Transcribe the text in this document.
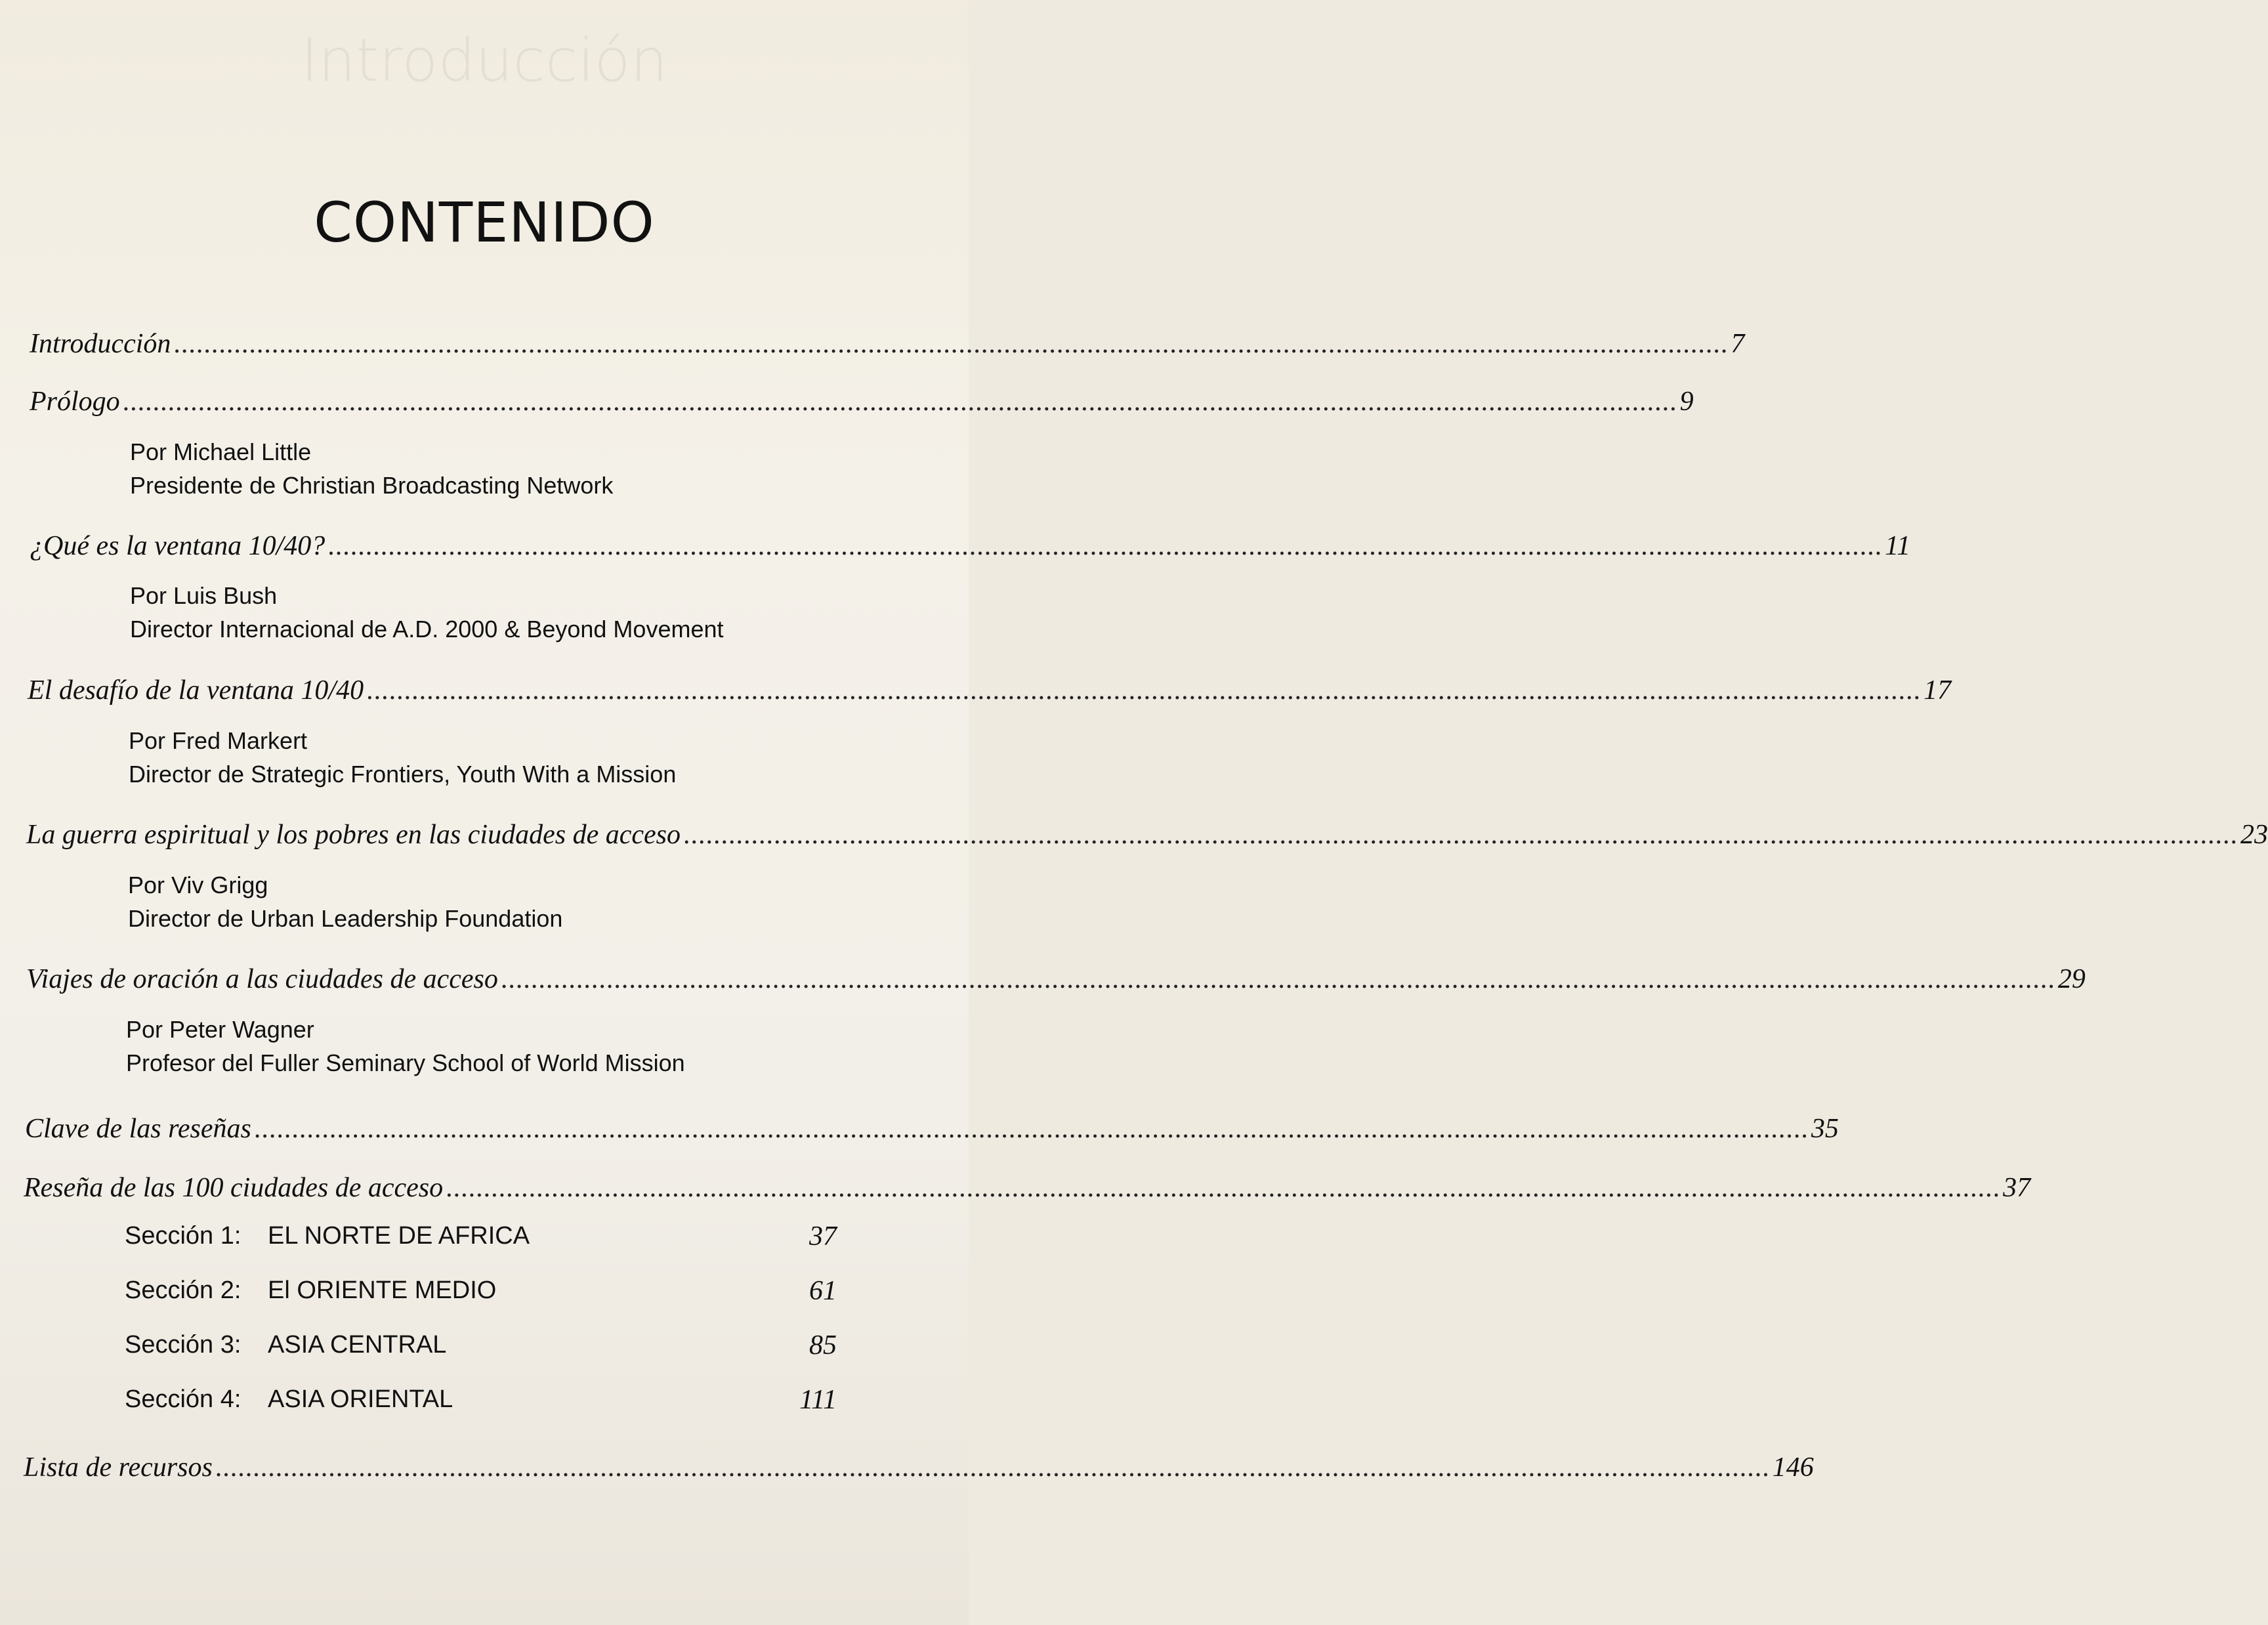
Introducción
CONTENIDO
Introducción .............................................................................................................................................................................................................. 7
Prólogo .............................................................................................................................................................................................................. 9
Por Michael Little
Presidente de Christian Broadcasting Network
¿Qué es la ventana 10/40? .............................................................................................................................................................................................................. 11
Por Luis Bush
Director Internacional de A.D. 2000 & Beyond Movement
El desafío de la ventana 10/40 .............................................................................................................................................................................................................. 17
Por Fred Markert
Director de Strategic Frontiers, Youth With a Mission
La guerra espiritual y los pobres en las ciudades de acceso .............................................................................................................................................................................................................. 23
Por Viv Grigg
Director de Urban Leadership Foundation
Viajes de oración a las ciudades de acceso .............................................................................................................................................................................................................. 29
Por Peter Wagner
Profesor del Fuller Seminary School of World Mission
Clave de las reseñas .............................................................................................................................................................................................................. 35
Reseña de las 100 ciudades de acceso .............................................................................................................................................................................................................. 37
Sección 1: EL NORTE DE AFRICA	37
Sección 2: El ORIENTE MEDIO	61
Sección 3: ASIA CENTRAL	85
Sección 4: ASIA ORIENTAL	111
Lista de recursos .............................................................................................................................................................................................................. 146
